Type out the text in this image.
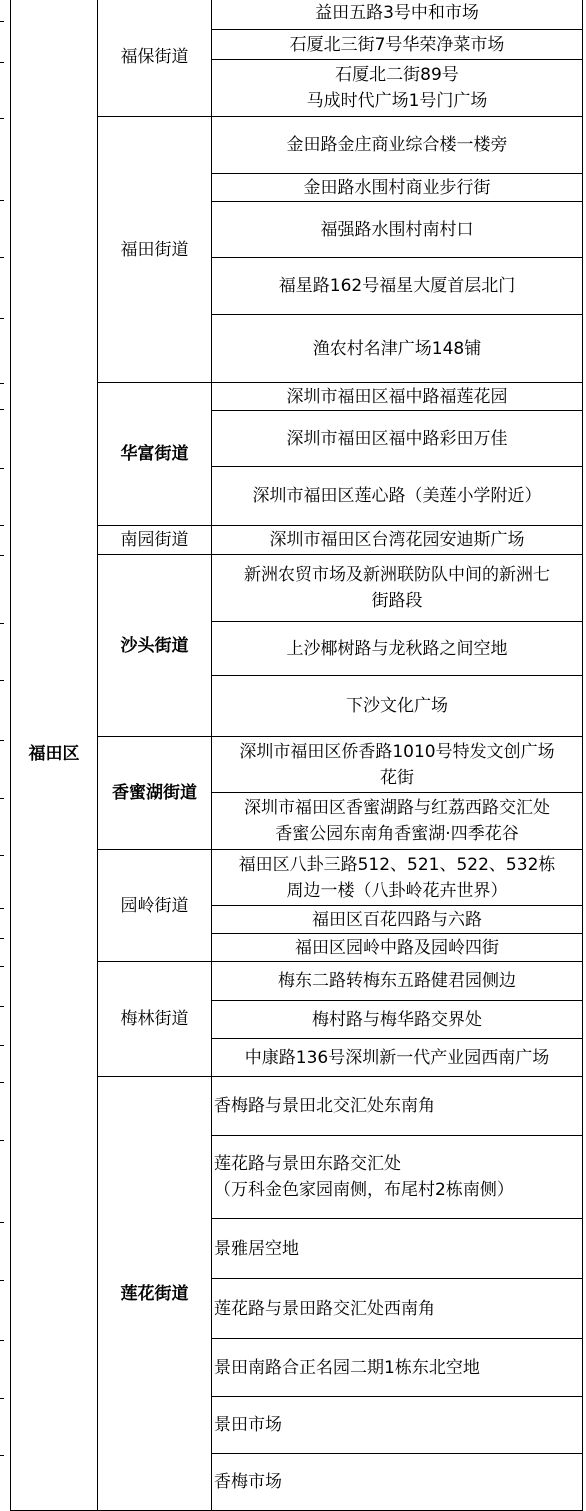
福田区	福保街道	益田五路3号中和市场

		石厦北三街7号华荣净菜市场

		石厦北二街89号
马成时代广场1号门广场

	福田街道	金田路金庄商业综合楼一楼旁

		金田路水围村商业步行街

		福强路水围村南村口

		福星路162号福星大厦首层北门

		渔农村名津广场148铺

	华富街道	深圳市福田区福中路福莲花园

		深圳市福田区福中路彩田万佳

		深圳市福田区莲心路（美莲小学附近）

	南园街道	深圳市福田区台湾花园安迪斯广场

	沙头街道	新洲农贸市场及新洲联防队中间的新洲七
街路段

		上沙椰树路与龙秋路之间空地

		下沙文化广场

	香蜜湖街道	深圳市福田区侨香路1010号特发文创广场
花街

		深圳市福田区香蜜湖路与红荔西路交汇处
香蜜公园东南角香蜜湖·四季花谷

	园岭街道	福田区八卦三路512、521、522、532栋
周边一楼（八卦岭花卉世界）

		福田区百花四路与六路

		福田区园岭中路及园岭四街

	梅林街道	梅东二路转梅东五路健君园侧边

		梅村路与梅华路交界处

		中康路136号深圳新一代产业园西南广场

	莲花街道	香梅路与景田北交汇处东南角

		莲花路与景田东路交汇处
（万科金色家园南侧，布尾村2栋南侧）

		景雅居空地

		莲花路与景田路交汇处西南角

		景田南路合正名园二期1栋东北空地

		景田市场

		香梅市场
